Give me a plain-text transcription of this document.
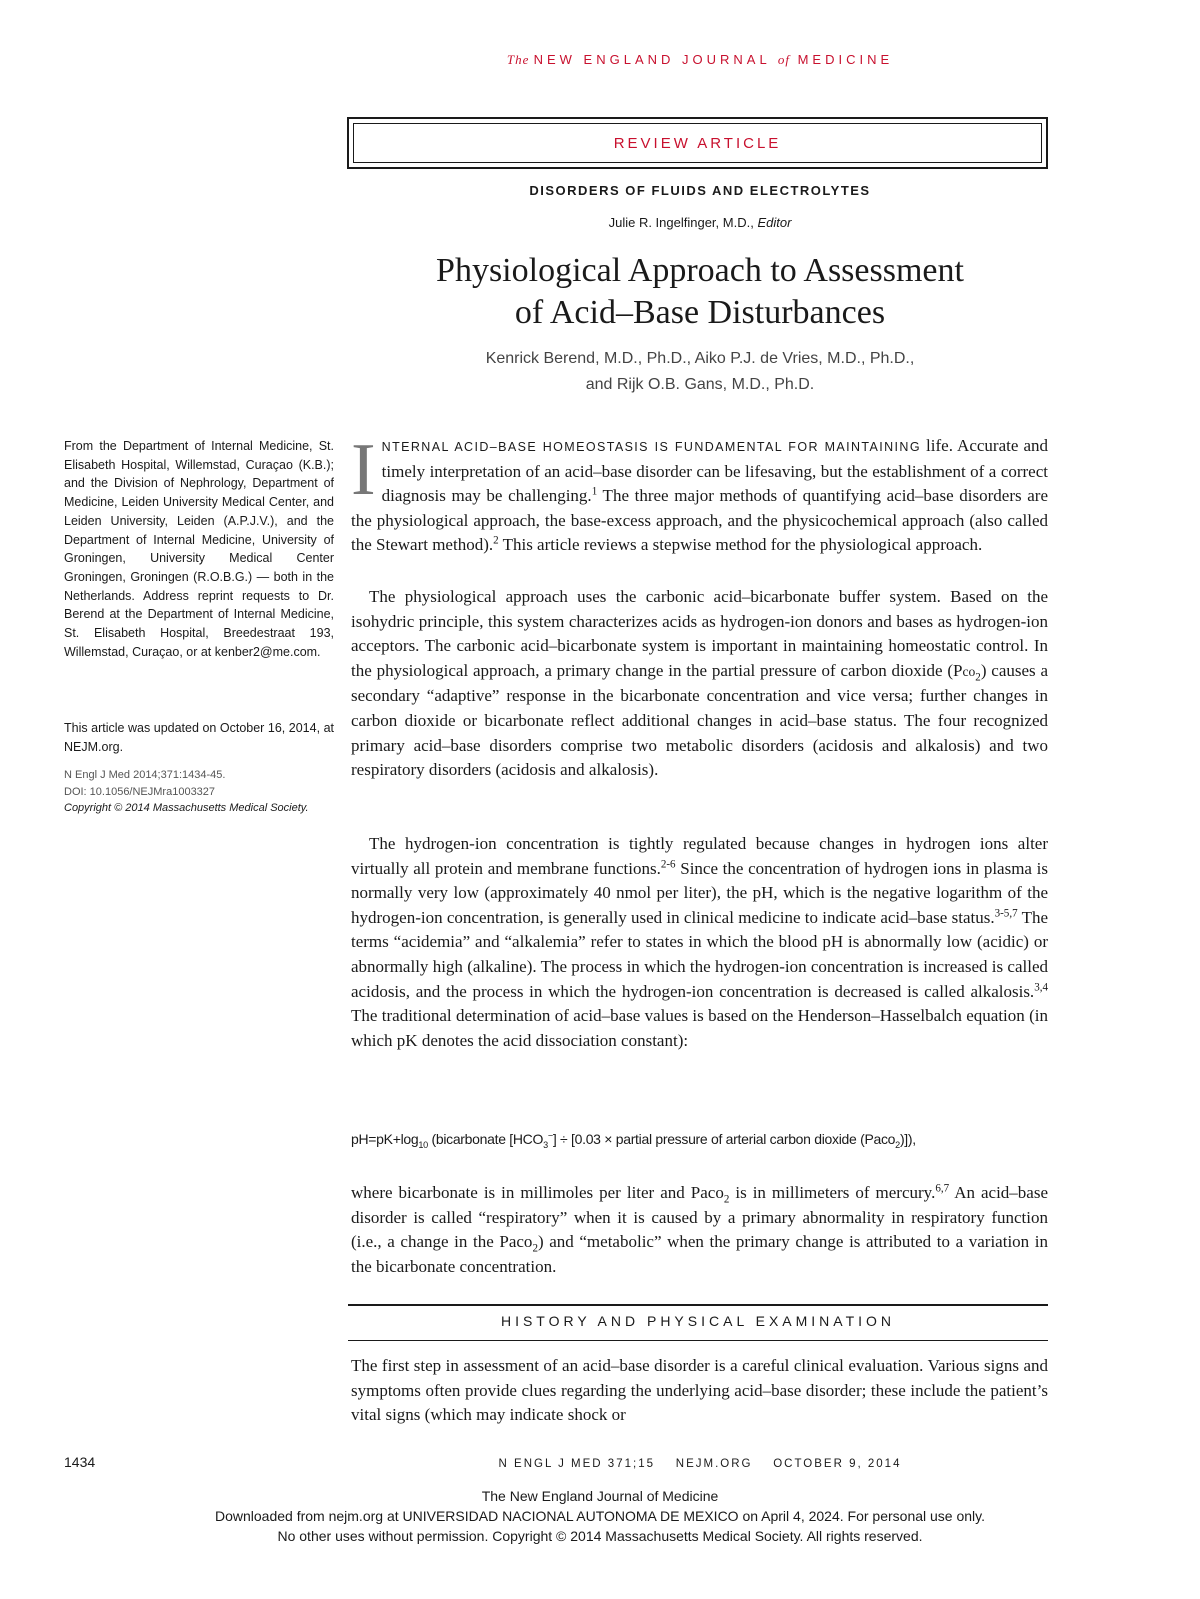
The NEW ENGLAND JOURNAL of MEDICINE
REVIEW ARTICLE
DISORDERS OF FLUIDS AND ELECTROLYTES
Julie R. Ingelfinger, M.D., Editor
Physiological Approach to Assessment
of Acid–Base Disturbances
Kenrick Berend, M.D., Ph.D., Aiko P.J. de Vries, M.D., Ph.D.,
and Rijk O.B. Gans, M.D., Ph.D.
From the Department of Internal Medicine, St. Elisabeth Hospital, Willemstad, Curaçao (K.B.); and the Division of Nephrology, Department of Medicine, Leiden University Medical Center, and Leiden University, Leiden (A.P.J.V.), and the Department of Internal Medicine, University of Groningen, University Medical Center Groningen, Groningen (R.O.B.G.) — both in the Netherlands. Address reprint requests to Dr. Berend at the Department of Internal Medicine, St. Elisabeth Hospital, Breedestraat 193, Willemstad, Curaçao, or at kenber2@me.com.
This article was updated on October 16, 2014, at NEJM.org.
N Engl J Med 2014;371:1434-45.
DOI: 10.1056/NEJMra1003327
Copyright © 2014 Massachusetts Medical Society.
INTERNAL ACID–BASE HOMEOSTASIS IS FUNDAMENTAL FOR MAINTAINING life. Accurate and timely interpretation of an acid–base disorder can be lifesaving, but the establishment of a correct diagnosis may be challenging.$^1$ The three major methods of quantifying acid–base disorders are the physiological approach, the base-excess approach, and the physicochemical approach (also called the Stewart method).$^2$ This article reviews a stepwise method for the physiological approach.
The physiological approach uses the carbonic acid–bicarbonate buffer system. Based on the isohydric principle, this system characterizes acids as hydrogen-ion donors and bases as hydrogen-ion acceptors. The carbonic acid–bicarbonate system is important in maintaining homeostatic control. In the physiological approach, a primary change in the partial pressure of carbon dioxide (Pco$_2$) causes a secondary “adaptive” response in the bicarbonate concentration and vice versa; further changes in carbon dioxide or bicarbonate reflect additional changes in acid–base status. The four recognized primary acid–base disorders comprise two metabolic disorders (acidosis and alkalosis) and two respiratory disorders (acidosis and alkalosis).
The hydrogen-ion concentration is tightly regulated because changes in hydrogen ions alter virtually all protein and membrane functions.$^{2-6}$ Since the concentration of hydrogen ions in plasma is normally very low (approximately 40 nmol per liter), the pH, which is the negative logarithm of the hydrogen-ion concentration, is generally used in clinical medicine to indicate acid–base status.$^{3-5,7}$ The terms “acidemia” and “alkalemia” refer to states in which the blood pH is abnormally low (acidic) or abnormally high (alkaline). The process in which the hydrogen-ion concentration is increased is called acidosis, and the process in which the hydrogen-ion concentration is decreased is called alkalosis.$^{3,4}$ The traditional determination of acid–base values is based on the Henderson–Hasselbalch equation (in which pK denotes the acid dissociation constant):
$pH=pK+\log_{10}$ (bicarbonate $[HCO_3^-] \div [0.03$ × partial pressure of arterial carbon dioxide (Paco$_2$)]),
where bicarbonate is in millimoles per liter and Paco$_2$ is in millimeters of mercury.$^{6,7}$ An acid–base disorder is called “respiratory” when it is caused by a primary abnormality in respiratory function (i.e., a change in the Paco$_2$) and “metabolic” when the primary change is attributed to a variation in the bicarbonate concentration.
HISTORY AND PHYSICAL EXAMINATION
The first step in assessment of an acid–base disorder is a careful clinical evaluation. Various signs and symptoms often provide clues regarding the underlying acid–base disorder; these include the patient’s vital signs (which may indicate shock or
1434	N ENGL J MED 371;15    NEJM.ORG    OCTOBER 9, 2014
The New England Journal of Medicine
Downloaded from nejm.org at UNIVERSIDAD NACIONAL AUTONOMA DE MEXICO on April 4, 2024. For personal use only.
No other uses without permission. Copyright © 2014 Massachusetts Medical Society. All rights reserved.
